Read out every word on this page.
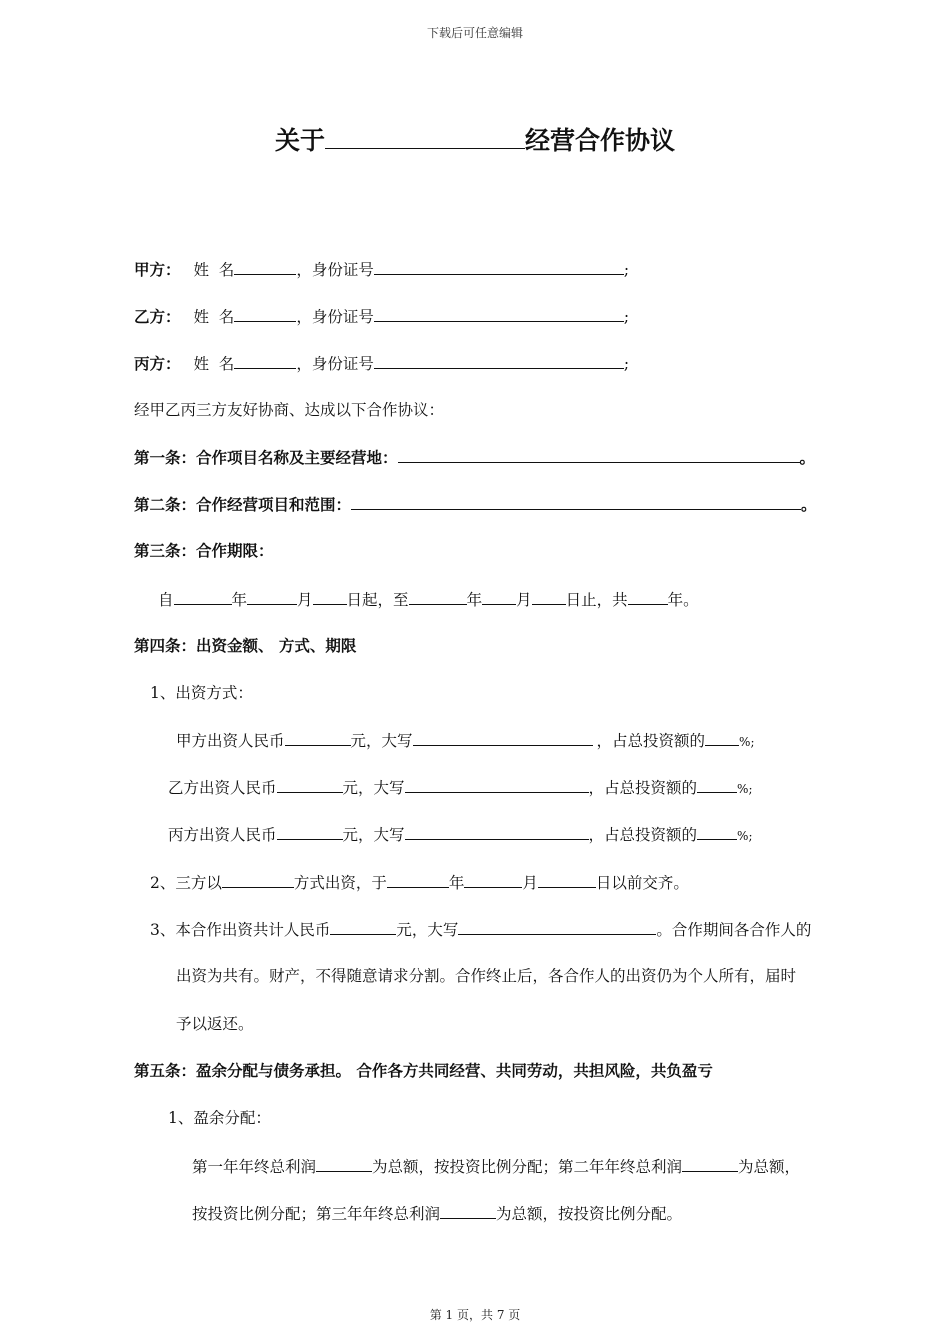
下载后可任意编辑
关于	经营合作协议
甲方： 姓  名	，身份证号	;
乙方： 姓  名	，身份证号	;
丙方： 姓  名	，身份证号	;
经甲乙丙三方友好协商、达成以下合作协议：
第一条：合作项目名称及主要经营地：	。
第二条：合作经营项目和范围：	。
第三条：合作期限：
自	年	月 日起，至	年 月 日止，共	年。
第四条：出资金额、 方式、期限
1、出资方式：
甲方出资人民币	元，大写	，占总投资额的	%;
乙方出资人民币	元，大写	，占总投资额的	%;
丙方出资人民币	元，大写	，占总投资额的	%;
2、三方以	方式出资，于	年	月	日以前交齐。
3、本合作出资共计人民币	元，大写	。合作期间各合作人的
出资为共有。财产，不得随意请求分割。合作终止后，各合作人的出资仍为个人所有，届时
予以返还。
第五条：盈余分配与债务承担。 合作各方共同经营、共同劳动，共担风险，共负盈亏
1、盈余分配：
第一年年终总利润	为总额，按投资比例分配；第二年年终总利润	为总额，
按投资比例分配；第三年年终总利润	为总额，按投资比例分配。
第 1 页，共 7 页
